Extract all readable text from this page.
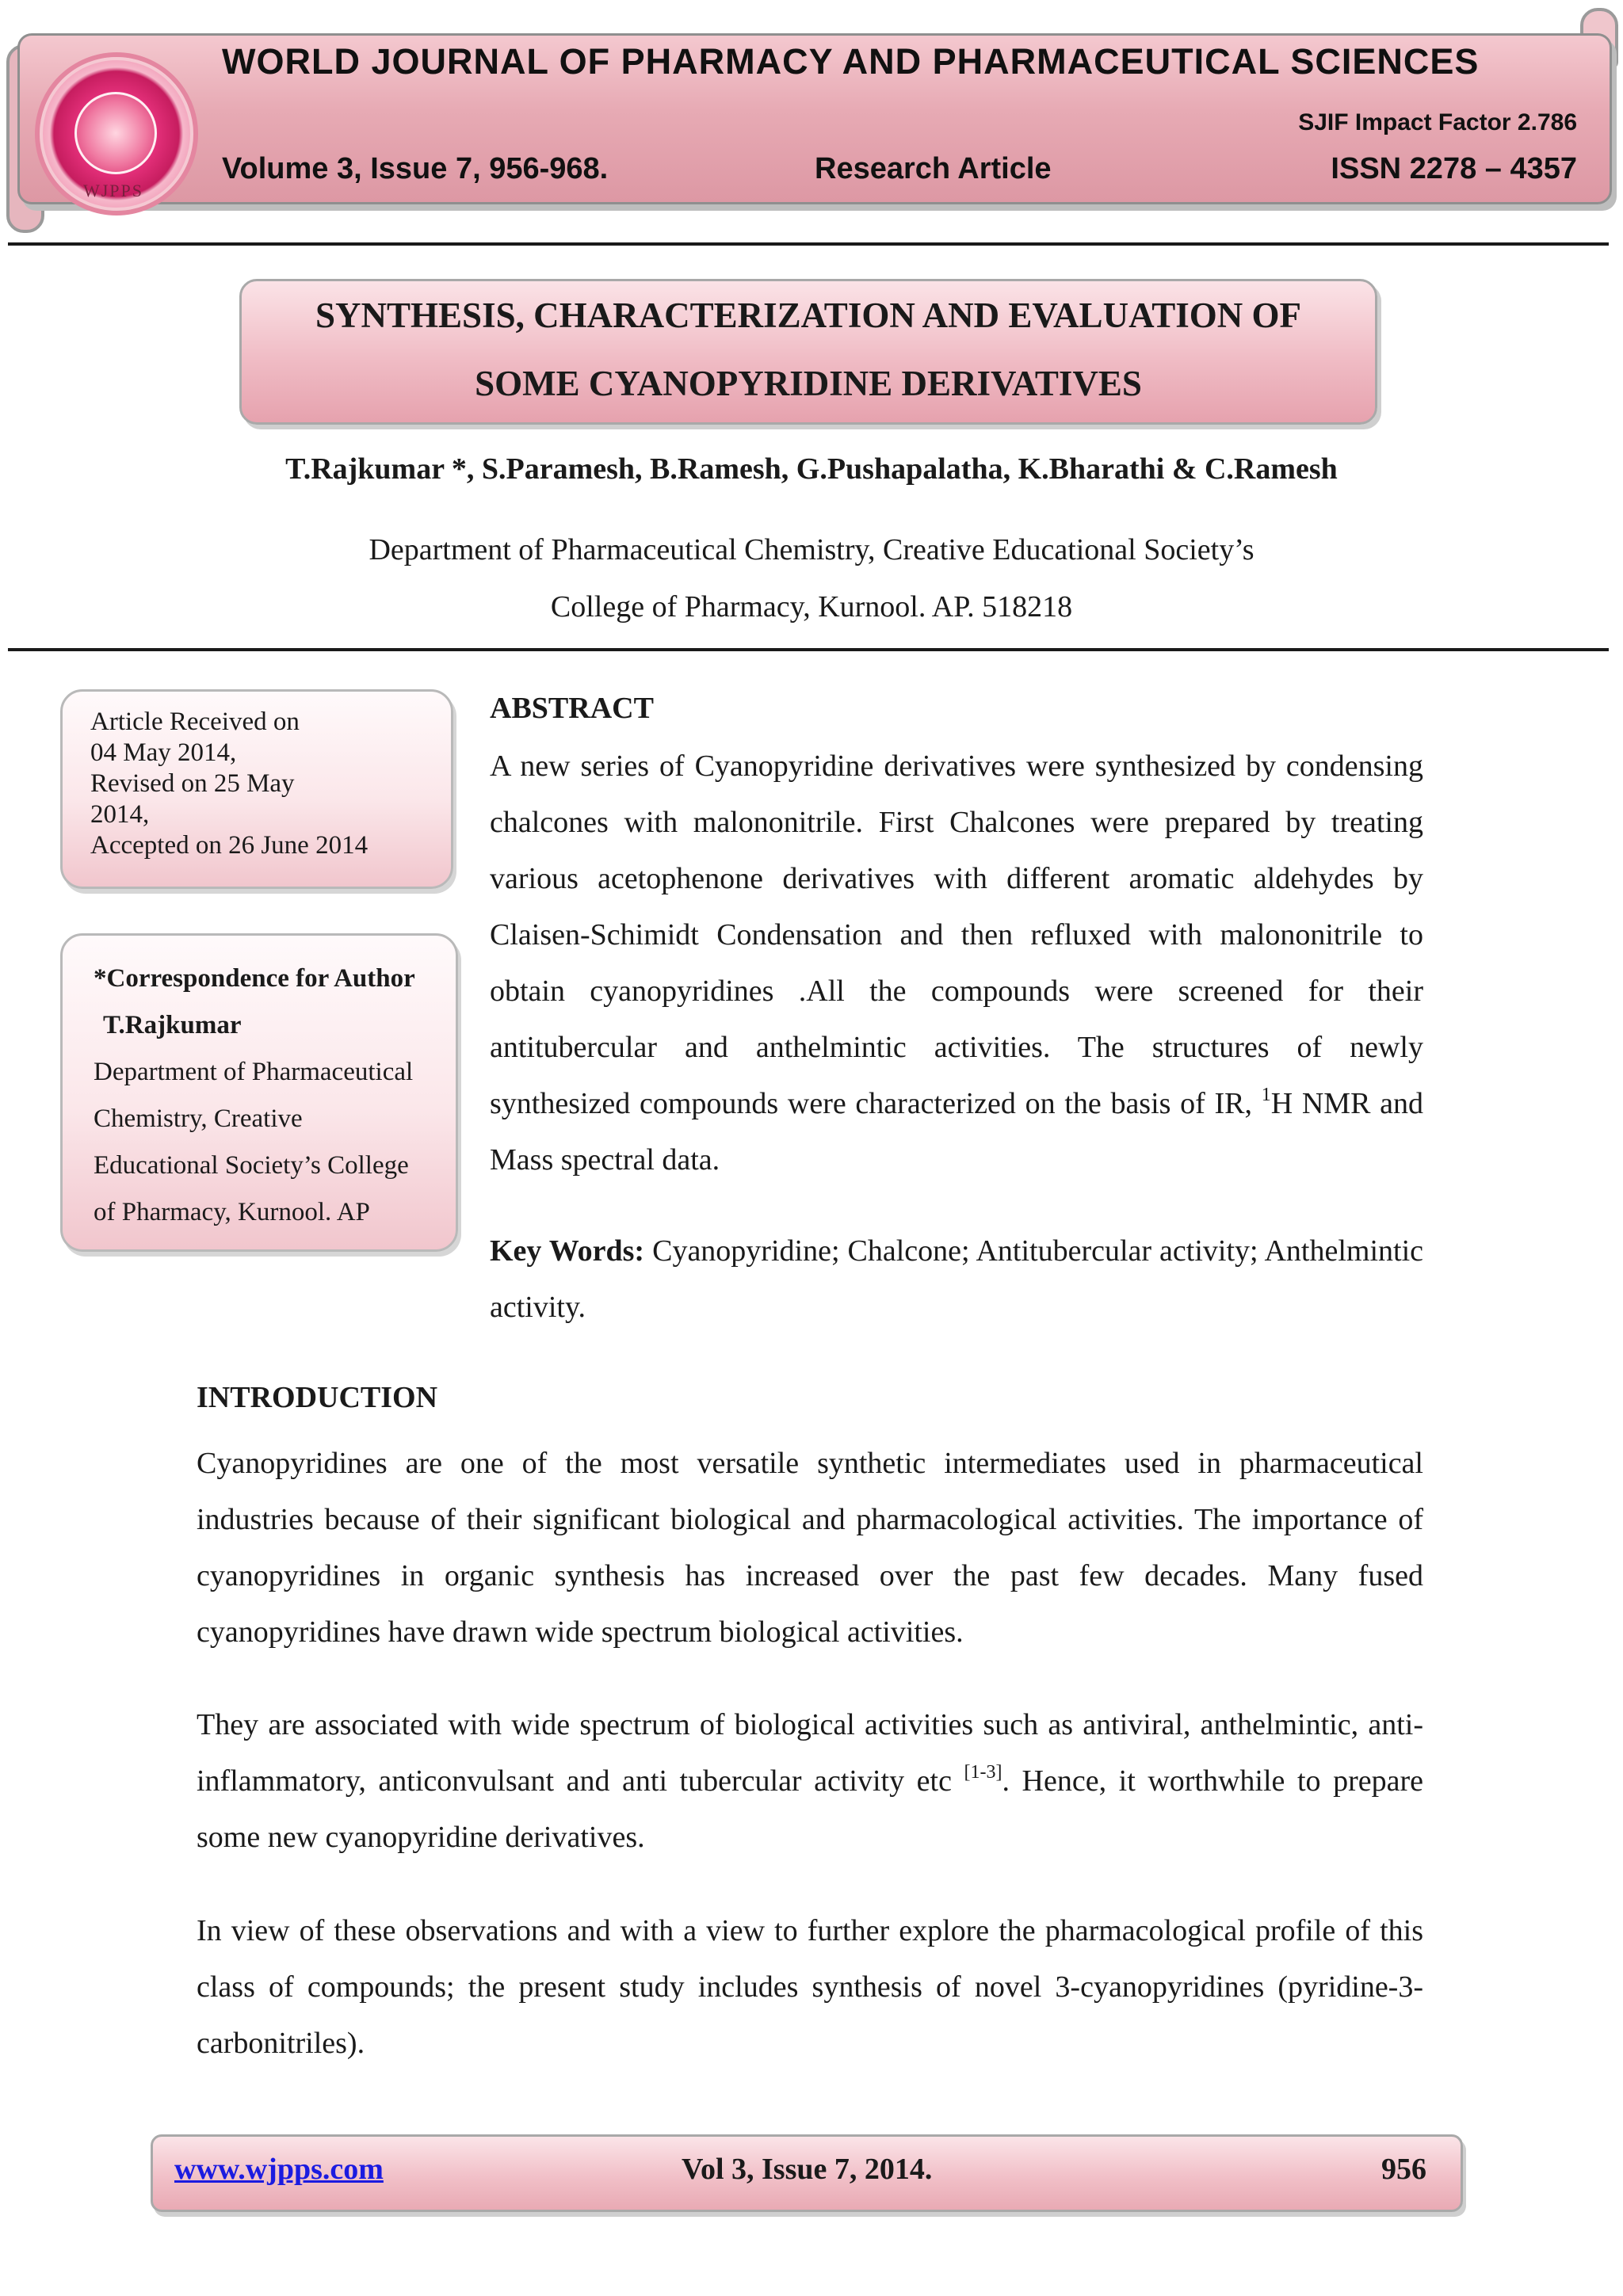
WJPPS
WORLD JOURNAL OF PHARMACY AND PHARMACEUTICAL SCIENCES
SJIF Impact Factor 2.786
Volume 3, Issue 7, 956-968.	Research Article	ISSN 2278 – 4357
SYNTHESIS, CHARACTERIZATION AND EVALUATION OF
SOME CYANOPYRIDINE DERIVATIVES
T.Rajkumar *, S.Paramesh, B.Ramesh, G.Pushapalatha, K.Bharathi & C.Ramesh
Department of Pharmaceutical Chemistry, Creative Educational Society’s
College of Pharmacy, Kurnool. AP. 518218
Article Received on
04 May 2014,
Revised on 25 May
2014,
Accepted on 26 June 2014
*Correspondence for Author
T.Rajkumar
Department of Pharmaceutical
Chemistry, Creative
Educational Society’s College
of Pharmacy, Kurnool. AP
ABSTRACT
A new series of Cyanopyridine derivatives were synthesized by condensing chalcones with malononitrile. First Chalcones were prepared by treating various acetophenone derivatives with different aromatic aldehydes by Claisen-Schimidt Condensation and then refluxed with malononitrile to obtain cyanopyridines .All the compounds were screened for their antitubercular and anthelmintic activities. The structures of newly synthesized compounds were characterized on the basis of IR, $^1$H NMR and Mass spectral data.
Key Words: Cyanopyridine; Chalcone; Antitubercular activity; Anthelmintic activity.
INTRODUCTION
Cyanopyridines are one of the most versatile synthetic intermediates used in pharmaceutical industries because of their significant biological and pharmacological activities. The importance of cyanopyridines in organic synthesis has increased over the past few decades. Many fused cyanopyridines have drawn wide spectrum biological activities.
They are associated with wide spectrum of biological activities such as antiviral, anthelmintic, anti-inflammatory, anticonvulsant and anti tubercular activity etc [1-3]. Hence, it worthwhile to prepare some new cyanopyridine derivatives.
In view of these observations and with a view to further explore the pharmacological profile of this class of compounds; the present study includes synthesis of novel 3-cyanopyridines (pyridine-3-carbonitriles).
www.wjpps.com	Vol 3, Issue 7, 2014.	956
